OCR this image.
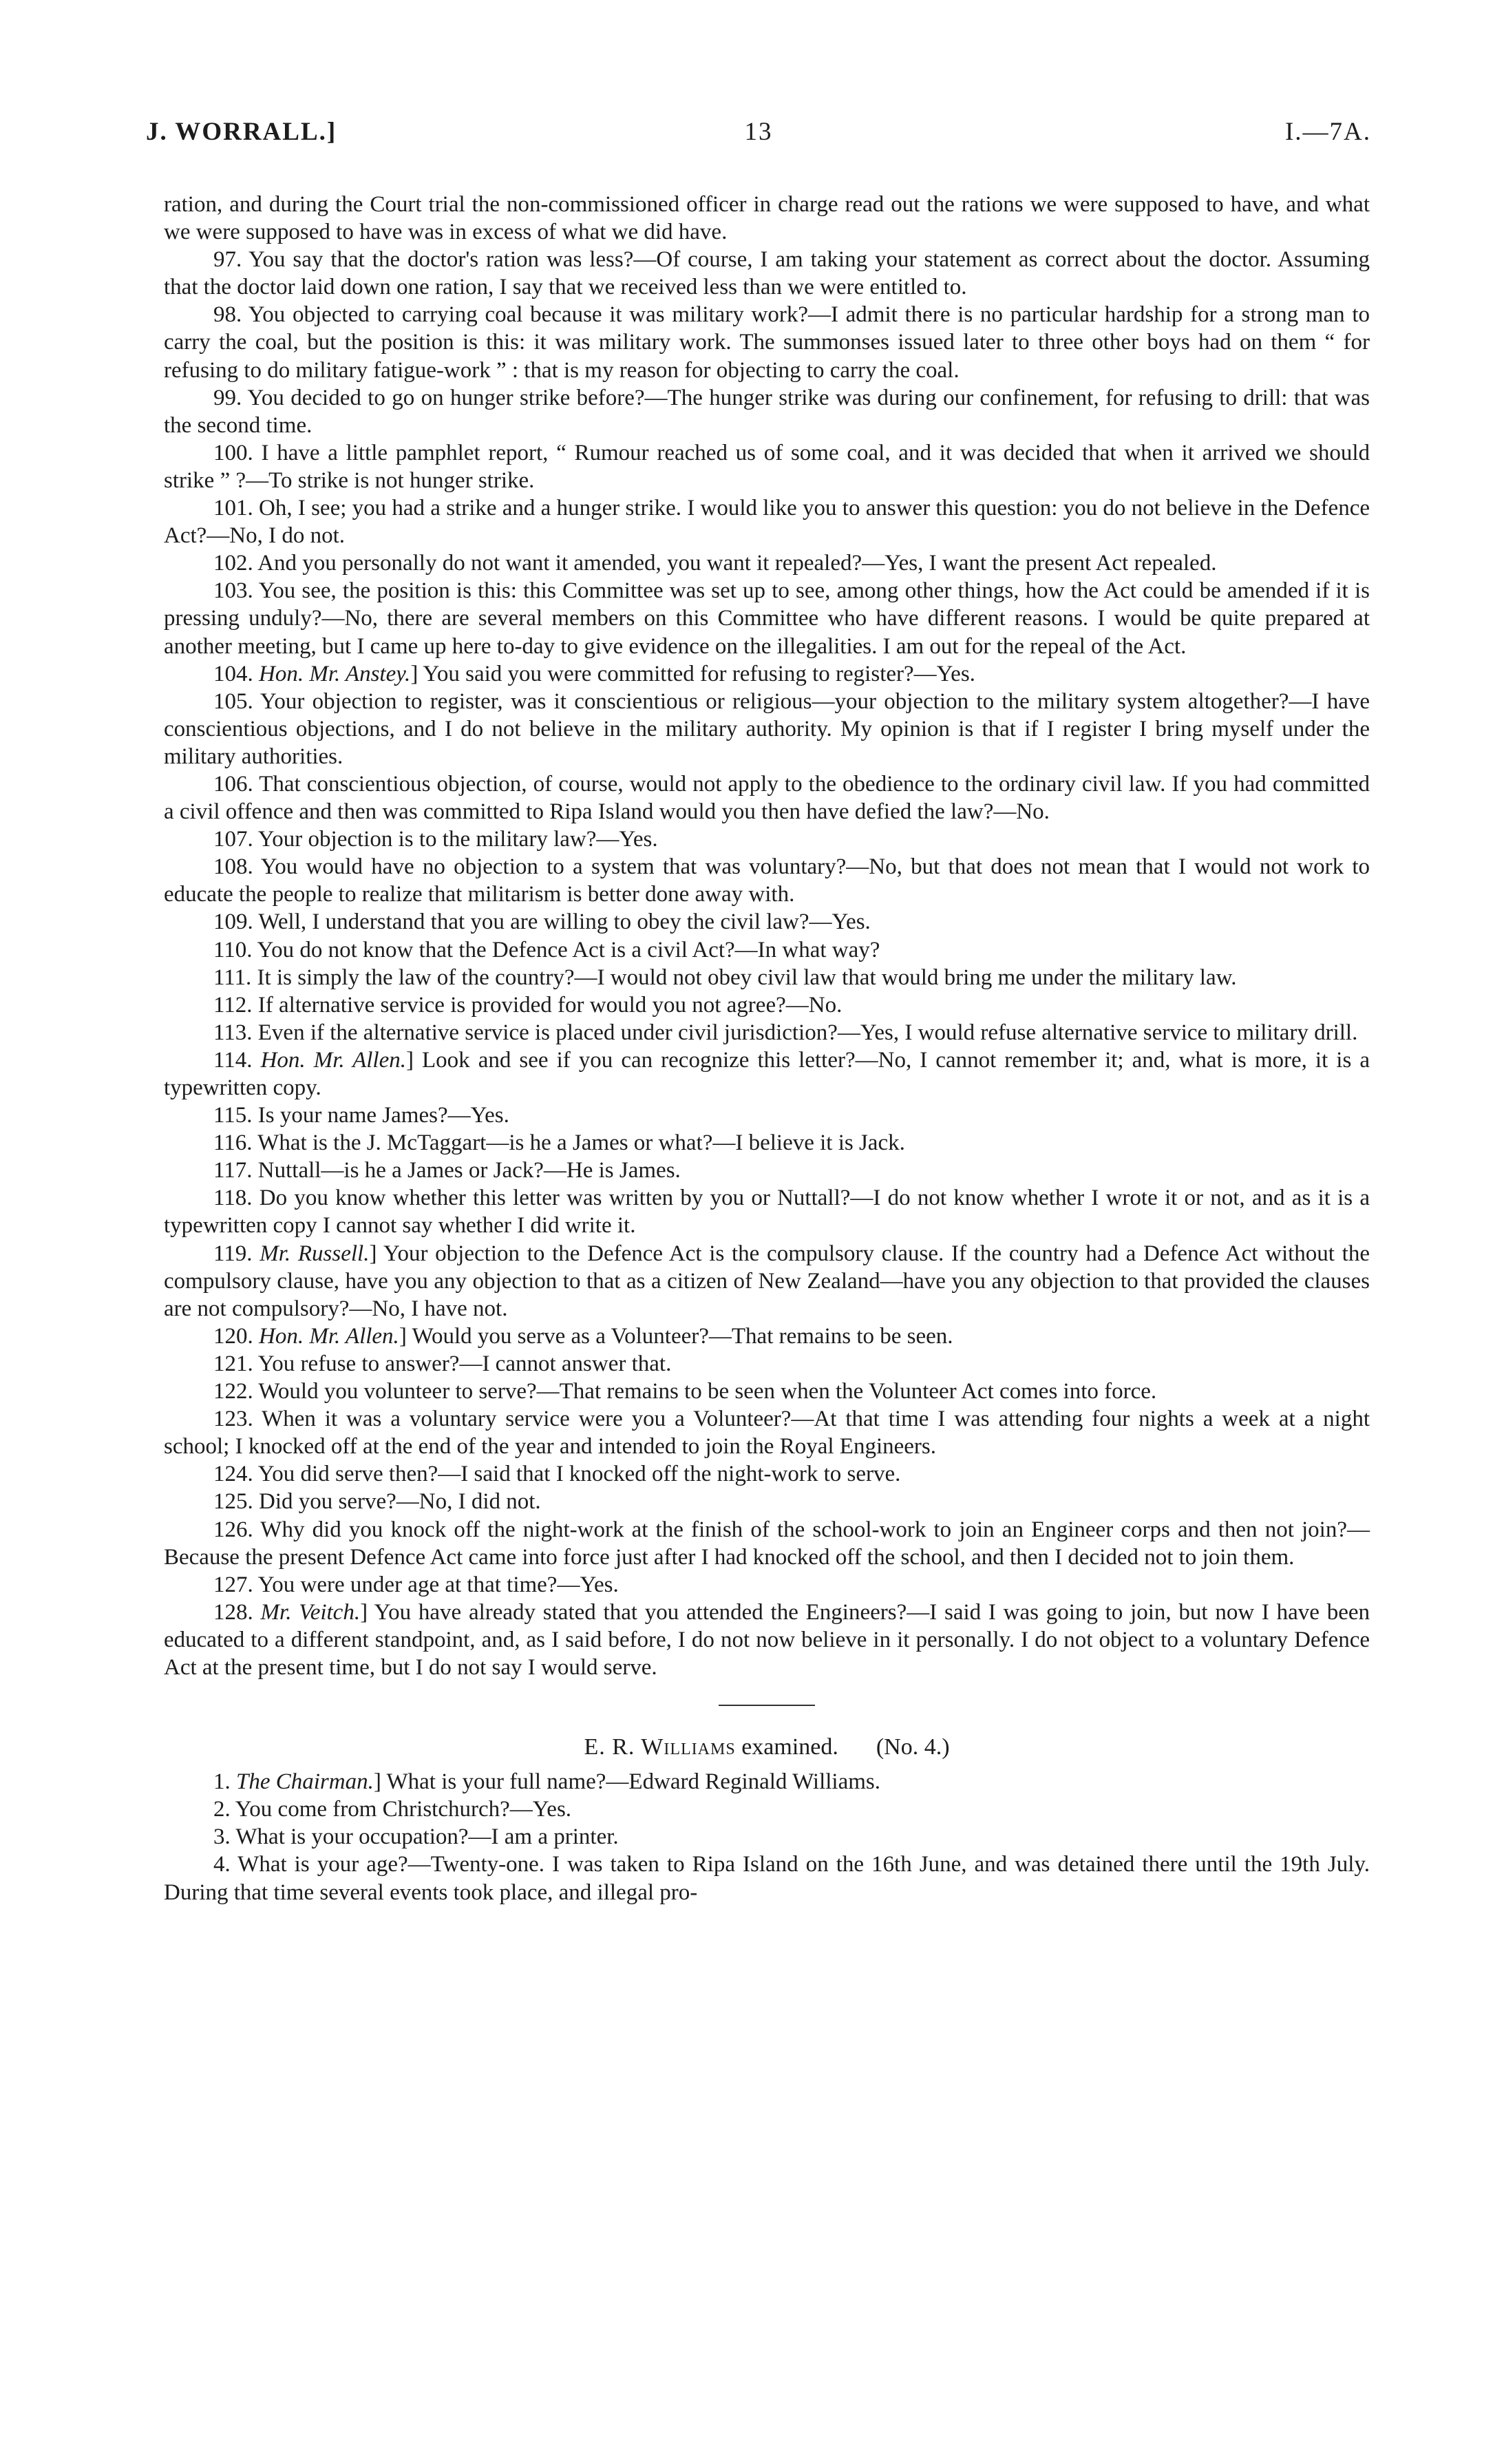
J. WORRALL.]	13	I.—7A.

ration, and during the Court trial the non-commissioned officer in charge read out the rations we were supposed to have, and what we were supposed to have was in excess of what we did have.

97. You say that the doctor's ration was less?—Of course, I am taking your statement as correct about the doctor. Assuming that the doctor laid down one ration, I say that we received less than we were entitled to.

98. You objected to carrying coal because it was military work?—I admit there is no particular hardship for a strong man to carry the coal, but the position is this: it was military work. The summonses issued later to three other boys had on them “ for refusing to do military fatigue-work ” : that is my reason for objecting to carry the coal.

99. You decided to go on hunger strike before?—The hunger strike was during our confinement, for refusing to drill: that was the second time.

100. I have a little pamphlet report, “ Rumour reached us of some coal, and it was decided that when it arrived we should strike ” ?—To strike is not hunger strike.

101. Oh, I see; you had a strike and a hunger strike. I would like you to answer this question: you do not believe in the Defence Act?—No, I do not.

102. And you personally do not want it amended, you want it repealed?—Yes, I want the present Act repealed.

103. You see, the position is this: this Committee was set up to see, among other things, how the Act could be amended if it is pressing unduly?—No, there are several members on this Committee who have different reasons. I would be quite prepared at another meeting, but I came up here to-day to give evidence on the illegalities. I am out for the repeal of the Act.

104. Hon. Mr. Anstey.] You said you were committed for refusing to register?—Yes.

105. Your objection to register, was it conscientious or religious—your objection to the military system altogether?—I have conscientious objections, and I do not believe in the military authority. My opinion is that if I register I bring myself under the military authorities.

106. That conscientious objection, of course, would not apply to the obedience to the ordinary civil law. If you had committed a civil offence and then was committed to Ripa Island would you then have defied the law?—No.

107. Your objection is to the military law?—Yes.

108. You would have no objection to a system that was voluntary?—No, but that does not mean that I would not work to educate the people to realize that militarism is better done away with.

109. Well, I understand that you are willing to obey the civil law?—Yes.

110. You do not know that the Defence Act is a civil Act?—In what way?

111. It is simply the law of the country?—I would not obey civil law that would bring me under the military law.

112. If alternative service is provided for would you not agree?—No.

113. Even if the alternative service is placed under civil jurisdiction?—Yes, I would refuse alternative service to military drill.

114. Hon. Mr. Allen.] Look and see if you can recognize this letter?—No, I cannot remember it; and, what is more, it is a typewritten copy.

115. Is your name James?—Yes.

116. What is the J. McTaggart—is he a James or what?—I believe it is Jack.

117. Nuttall—is he a James or Jack?—He is James.

118. Do you know whether this letter was written by you or Nuttall?—I do not know whether I wrote it or not, and as it is a typewritten copy I cannot say whether I did write it.

119. Mr. Russell.] Your objection to the Defence Act is the compulsory clause. If the country had a Defence Act without the compulsory clause, have you any objection to that as a citizen of New Zealand—have you any objection to that provided the clauses are not compulsory?—No, I have not.

120. Hon. Mr. Allen.] Would you serve as a Volunteer?—That remains to be seen.

121. You refuse to answer?—I cannot answer that.

122. Would you volunteer to serve?—That remains to be seen when the Volunteer Act comes into force.

123. When it was a voluntary service were you a Volunteer?—At that time I was attending four nights a week at a night school; I knocked off at the end of the year and intended to join the Royal Engineers.

124. You did serve then?—I said that I knocked off the night-work to serve.

125. Did you serve?—No, I did not.

126. Why did you knock off the night-work at the finish of the school-work to join an Engineer corps and then not join?—Because the present Defence Act came into force just after I had knocked off the school, and then I decided not to join them.

127. You were under age at that time?—Yes.

128. Mr. Veitch.] You have already stated that you attended the Engineers?—I said I was going to join, but now I have been educated to a different standpoint, and, as I said before, I do not now believe in it personally. I do not object to a voluntary Defence Act at the present time, but I do not say I would serve.

E. R. Williams examined. (No. 4.)

1. The Chairman.] What is your full name?—Edward Reginald Williams.

2. You come from Christchurch?—Yes.

3. What is your occupation?—I am a printer.

4. What is your age?—Twenty-one. I was taken to Ripa Island on the 16th June, and was detained there until the 19th July. During that time several events took place, and illegal pro-
